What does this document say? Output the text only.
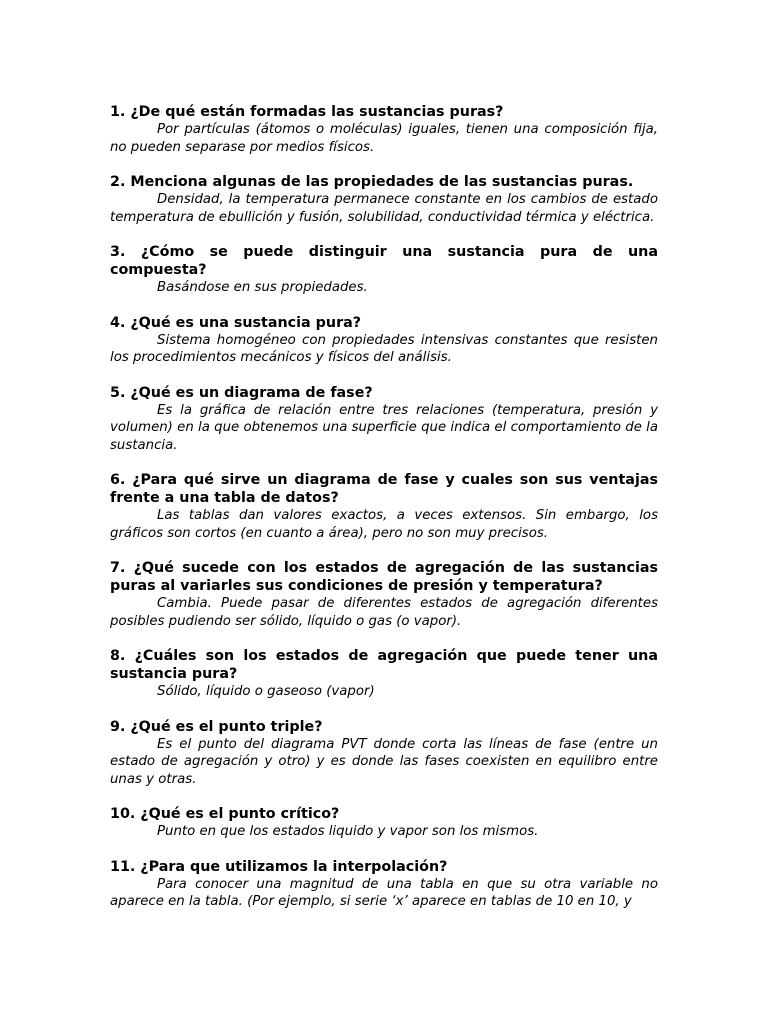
1. ¿De qué están formadas las sustancias puras?

Por partículas (átomos o moléculas) iguales, tienen una composición fija, no pueden separase por medios físicos.

2. Menciona algunas de las propiedades de las sustancias puras.

Densidad, la temperatura permanece constante en los cambios de estado temperatura de ebullición y fusión, solubilidad, conductividad térmica y eléctrica.

3. ¿Cómo se puede distinguir una sustancia pura de una compuesta?

Basándose en sus propiedades.

4. ¿Qué es una sustancia pura?

Sistema homogéneo con propiedades intensivas constantes que resisten los procedimientos mecánicos y físicos del análisis.

5. ¿Qué es un diagrama de fase?

Es la gráfica de relación entre tres relaciones (temperatura, presión y volumen) en la que obtenemos una superficie que indica el comportamiento de la sustancia.

6. ¿Para qué sirve un diagrama de fase y cuales son sus ventajas frente a una tabla de datos?

Las tablas dan valores exactos, a veces extensos. Sin embargo, los gráficos son cortos (en cuanto a área), pero no son muy precisos.

7. ¿Qué sucede con los estados de agregación de las sustancias puras al variarles sus condiciones de presión y temperatura?

Cambia. Puede pasar de diferentes estados de agregación diferentes posibles pudiendo ser sólido, líquido o gas (o vapor).

8. ¿Cuáles son los estados de agregación que puede tener una sustancia pura?

Sólido, líquido o gaseoso (vapor)

9. ¿Qué es el punto triple?

Es el punto del diagrama PVT donde corta las líneas de fase (entre un estado de agregación y otro) y es donde las fases coexisten en equilibro entre unas y otras.

10. ¿Qué es el punto crítico?

Punto en que los estados liquido y vapor son los mismos.

11. ¿Para que utilizamos la interpolación?

Para conocer una magnitud de una tabla en que su otra variable no aparece en la tabla. (Por ejemplo, si serie ‘x’ aparece en tablas de 10 en 10, y
